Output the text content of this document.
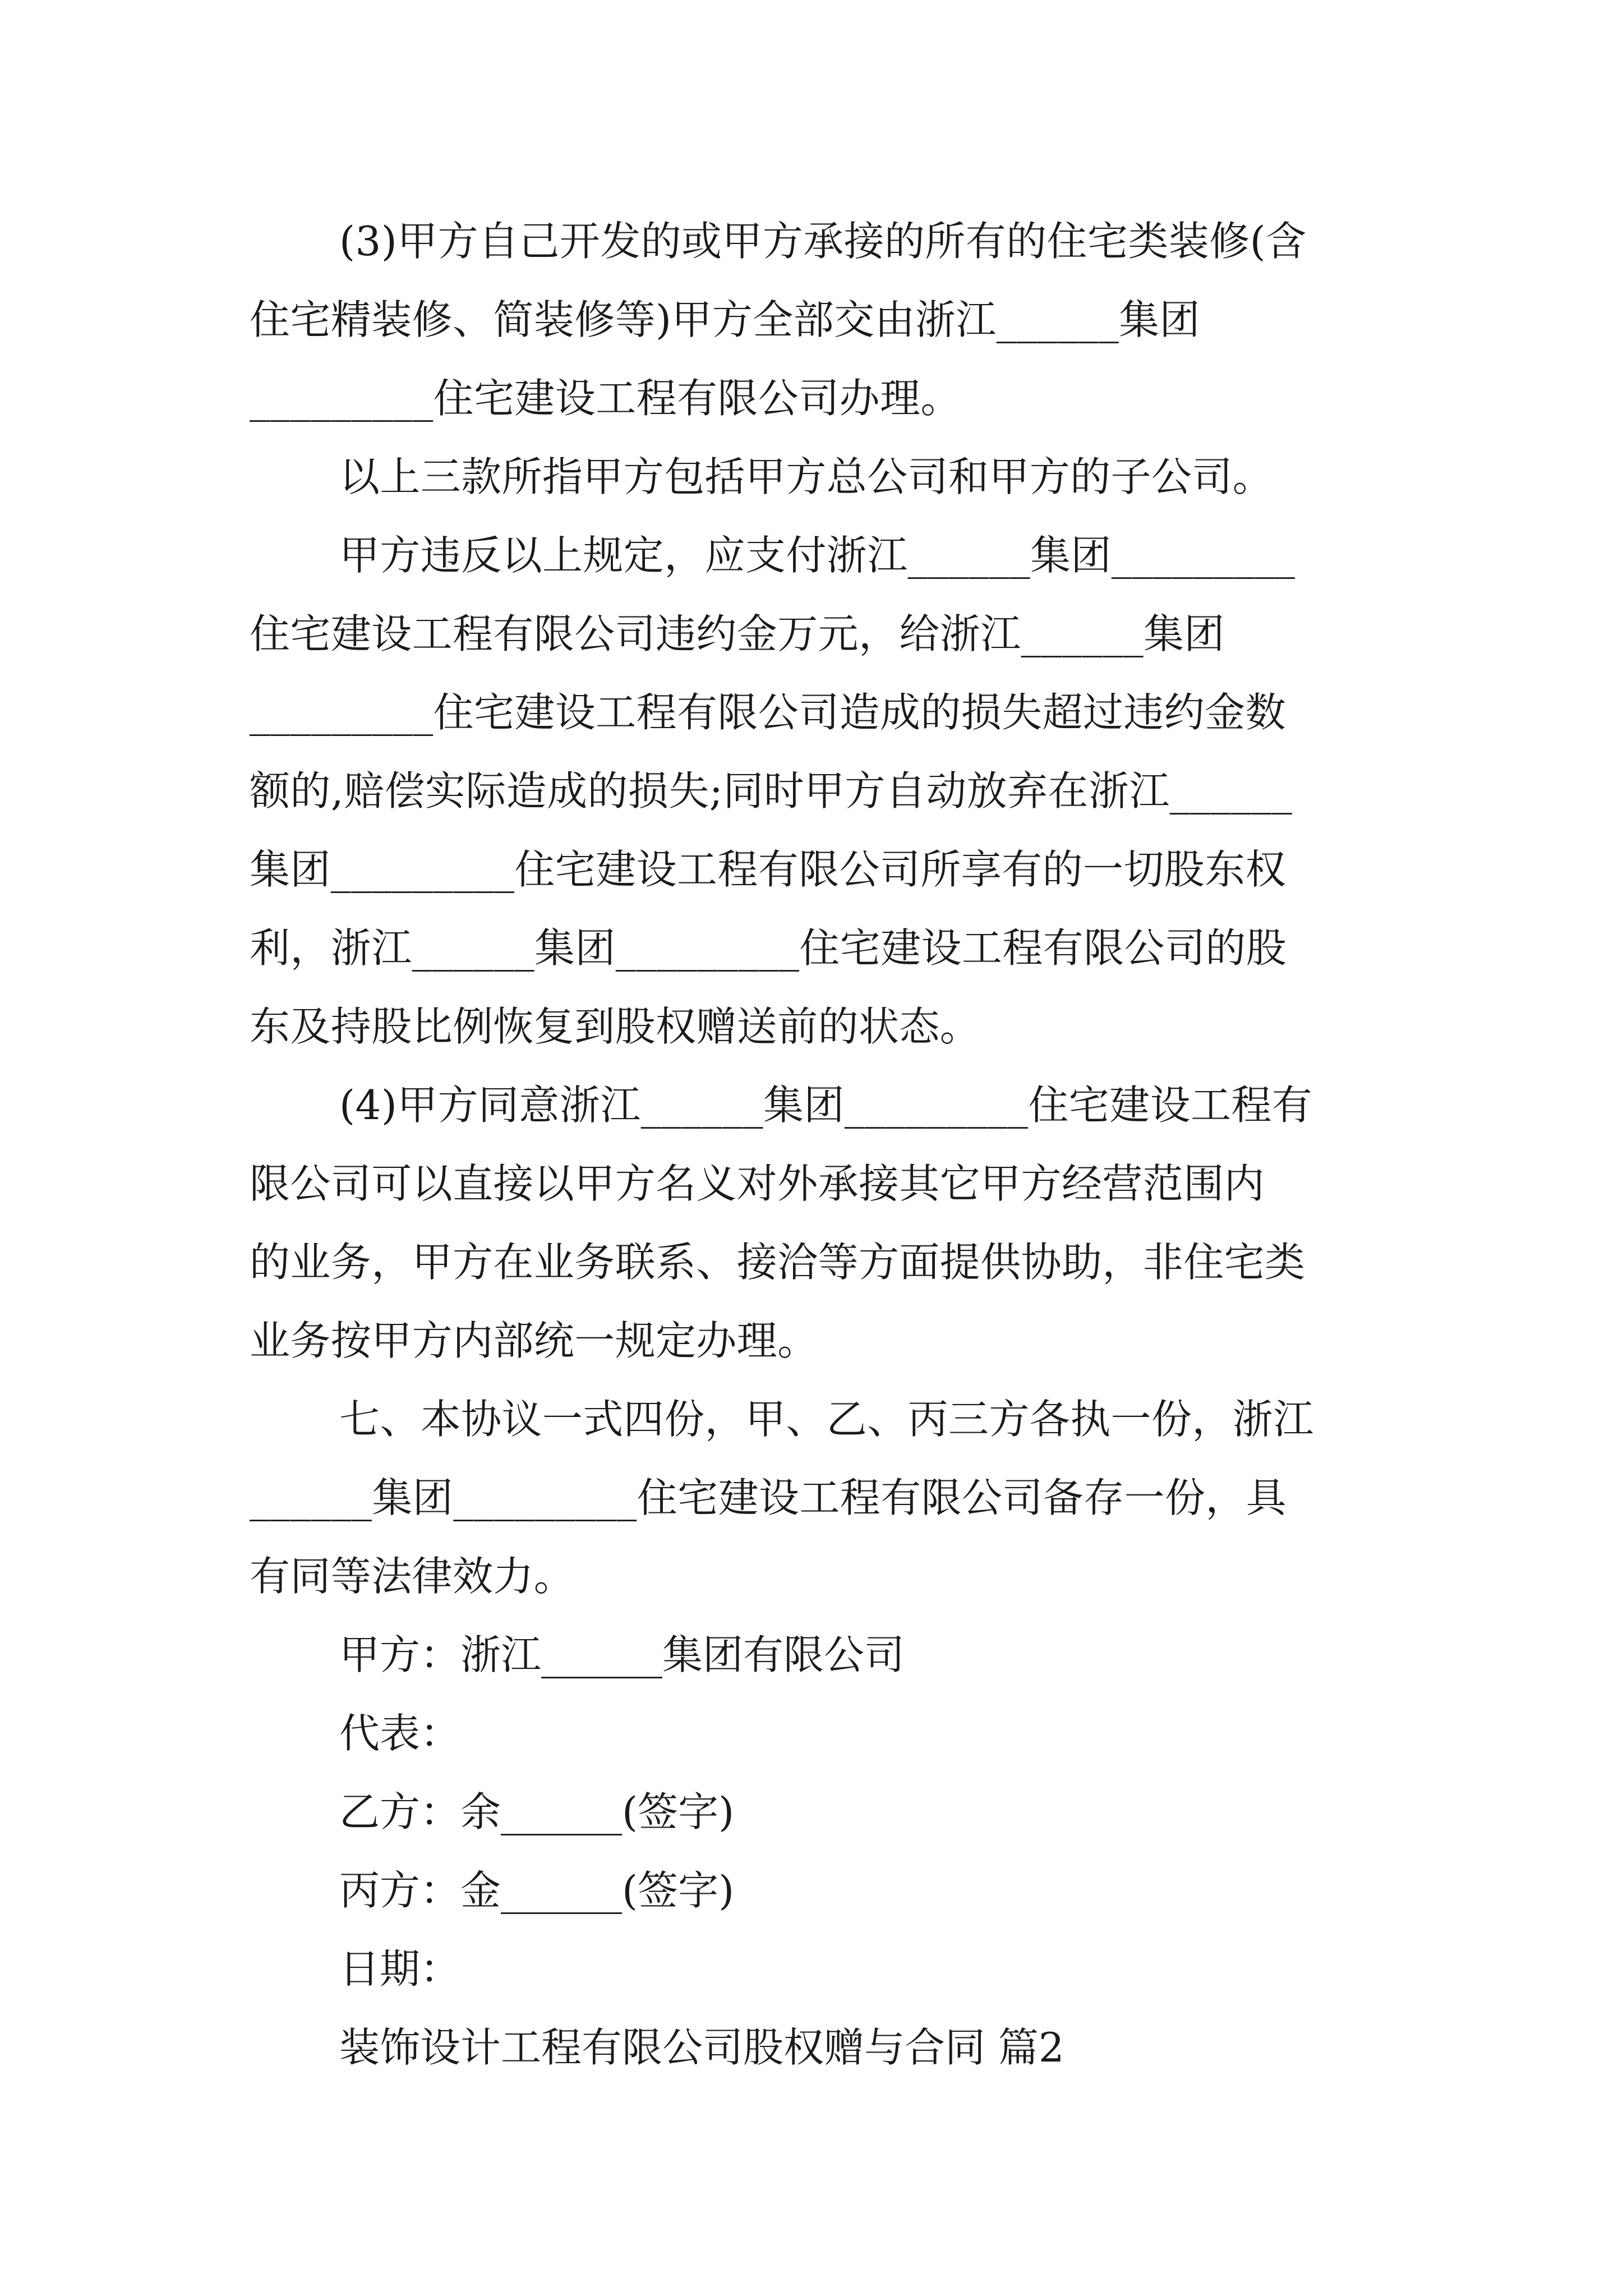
(3)甲方自己开发的或甲方承接的所有的住宅类装修(含
住宅精装修、简装修等)甲方全部交由浙江______集团
_________住宅建设工程有限公司办理。
以上三款所指甲方包括甲方总公司和甲方的子公司。
甲方违反以上规定，应支付浙江______集团_________
住宅建设工程有限公司违约金万元，给浙江______集团
_________住宅建设工程有限公司造成的损失超过违约金数
额的,赔偿实际造成的损失;同时甲方自动放弃在浙江______
集团_________住宅建设工程有限公司所享有的一切股东权
利，浙江______集团_________住宅建设工程有限公司的股
东及持股比例恢复到股权赠送前的状态。
(4)甲方同意浙江______集团_________住宅建设工程有
限公司可以直接以甲方名义对外承接其它甲方经营范围内
的业务，甲方在业务联系、接洽等方面提供协助，非住宅类
业务按甲方内部统一规定办理。
七、本协议一式四份，甲、乙、丙三方各执一份，浙江
______集团_________住宅建设工程有限公司备存一份，具
有同等法律效力。
甲方：浙江______集团有限公司
代表：
乙方：余______(签字)
丙方：金______(签字)
日期：
装饰设计工程有限公司股权赠与合同 篇2
